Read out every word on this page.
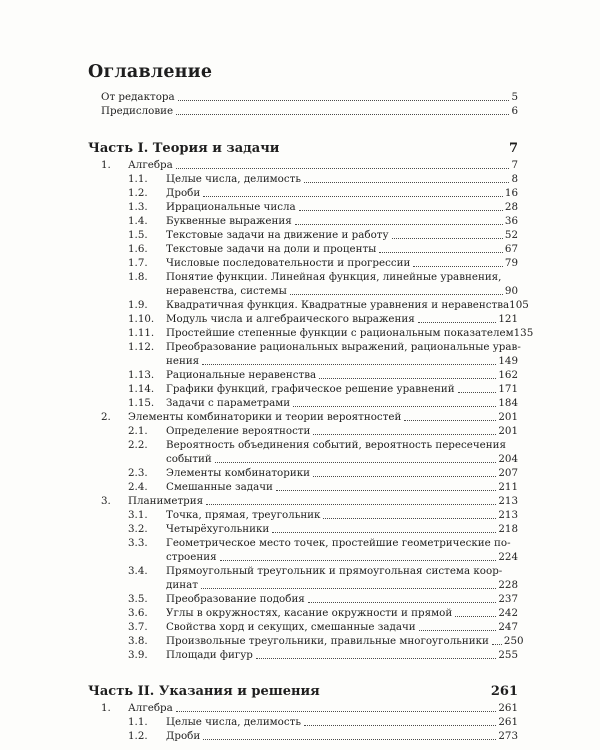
Оглавление
От редактора	5
Предисловие	6
Часть I. Теория и задачи	7
1. Алгебра	7
1.1. Целые числа, делимость	8
1.2. Дроби	16
1.3. Иррациональные числа	28
1.4. Буквенные выражения	36
1.5. Текстовые задачи на движение и работу	52
1.6. Текстовые задачи на доли и проценты	67
1.7. Числовые последовательности и прогрессии	79
1.8. Понятие функции. Линейная функция, линейные уравнения,
неравенства, системы	90
1.9. Квадратичная функция. Квадратные уравнения и неравенства 105
1.10. Модуль числа и алгебраического выражения	121
1.11. Простейшие степенные функции с рациональным показателем 135
1.12. Преобразование рациональных выражений, рациональные урав-
нения	149
1.13. Рациональные неравенства	162
1.14. Графики функций, графическое решение уравнений	171
1.15. Задачи с параметрами	184
2. Элементы комбинаторики и теории вероятностей	201
2.1. Определение вероятности	201
2.2. Вероятность объединения событий, вероятность пересечения
событий	204
2.3. Элементы комбинаторики	207
2.4. Смешанные задачи	211
3. Планиметрия	213
3.1. Точка, прямая, треугольник	213
3.2. Четырёхугольники	218
3.3. Геометрическое место точек, простейшие геометрические по-
строения	224
3.4. Прямоугольный треугольник и прямоугольная система коор-
динат	228
3.5. Преобразование подобия	237
3.6. Углы в окружностях, касание окружности и прямой	242
3.7. Свойства хорд и секущих, смешанные задачи	247
3.8. Произвольные треугольники, правильные многоугольники 250
3.9. Площади фигур	255
Часть II. Указания и решения	261
1. Алгебра	261
1.1. Целые числа, делимость	261
1.2. Дроби	273
